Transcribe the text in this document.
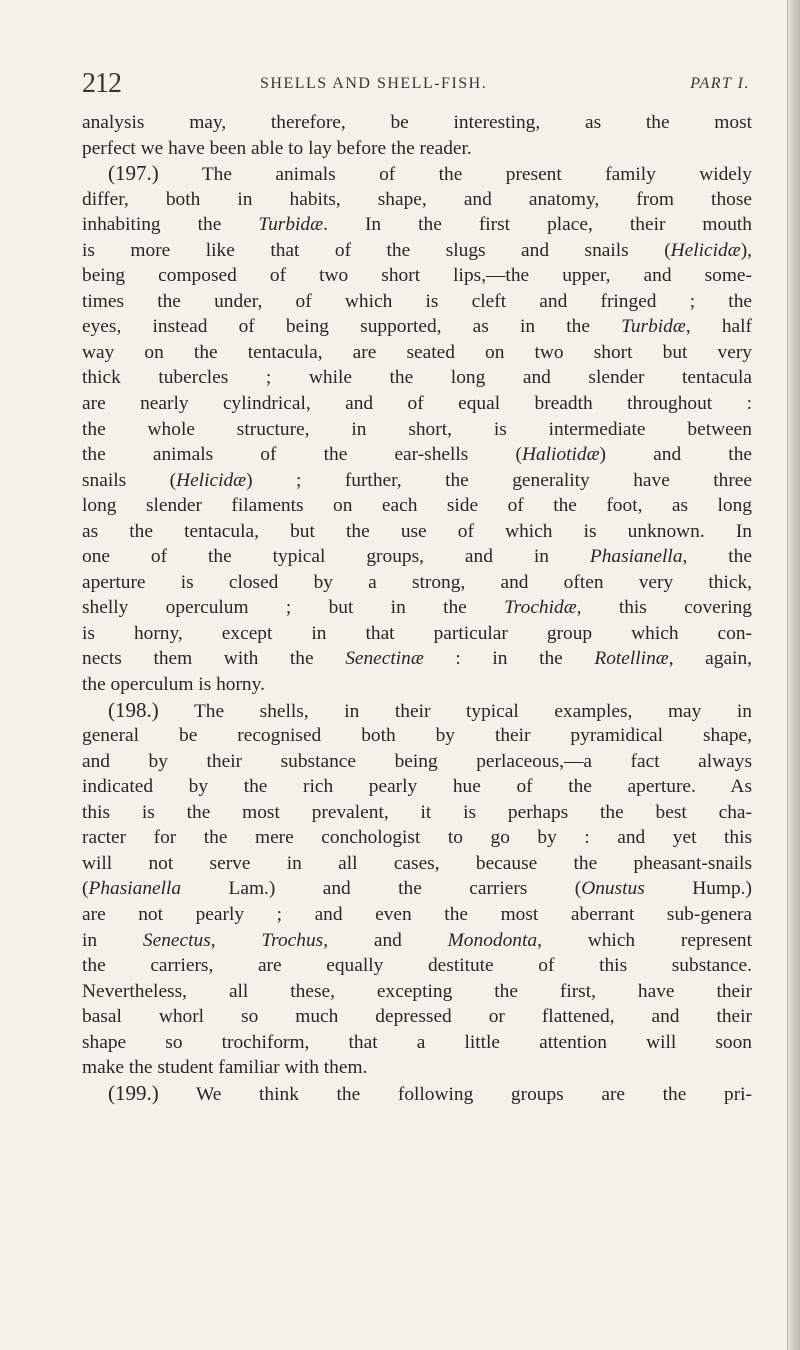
212	SHELLS AND SHELL-FISH.	PART I.
analysis may, therefore, be interesting, as the most
perfect we have been able to lay before the reader.
(197.) The animals of the present family widely
differ, both in habits, shape, and anatomy, from those
inhabiting the Turbidæ. In the first place, their mouth
is more like that of the slugs and snails (Helicidæ),
being composed of two short lips,—the upper, and some-
times the under, of which is cleft and fringed ; the
eyes, instead of being supported, as in the Turbidæ, half
way on the tentacula, are seated on two short but very
thick tubercles ; while the long and slender tentacula
are nearly cylindrical, and of equal breadth throughout :
the whole structure, in short, is intermediate between
the animals of the ear-shells (Haliotidæ) and the
snails (Helicidæ) ; further, the generality have three
long slender filaments on each side of the foot, as long
as the tentacula, but the use of which is unknown. In
one of the typical groups, and in Phasianella, the
aperture is closed by a strong, and often very thick,
shelly operculum ; but in the Trochidæ, this covering
is horny, except in that particular group which con-
nects them with the Senectinæ : in the Rotellinæ, again,
the operculum is horny.
(198.) The shells, in their typical examples, may in
general be recognised both by their pyramidical shape,
and by their substance being perlaceous,—a fact always
indicated by the rich pearly hue of the aperture. As
this is the most prevalent, it is perhaps the best cha-
racter for the mere conchologist to go by : and yet this
will not serve in all cases, because the pheasant-snails
(Phasianella Lam.) and the carriers (Onustus Hump.)
are not pearly ; and even the most aberrant sub-genera
in Senectus, Trochus, and Monodonta, which represent
the carriers, are equally destitute of this substance.
Nevertheless, all these, excepting the first, have their
basal whorl so much depressed or flattened, and their
shape so trochiform, that a little attention will soon
make the student familiar with them.
(199.) We think the following groups are the pri-
